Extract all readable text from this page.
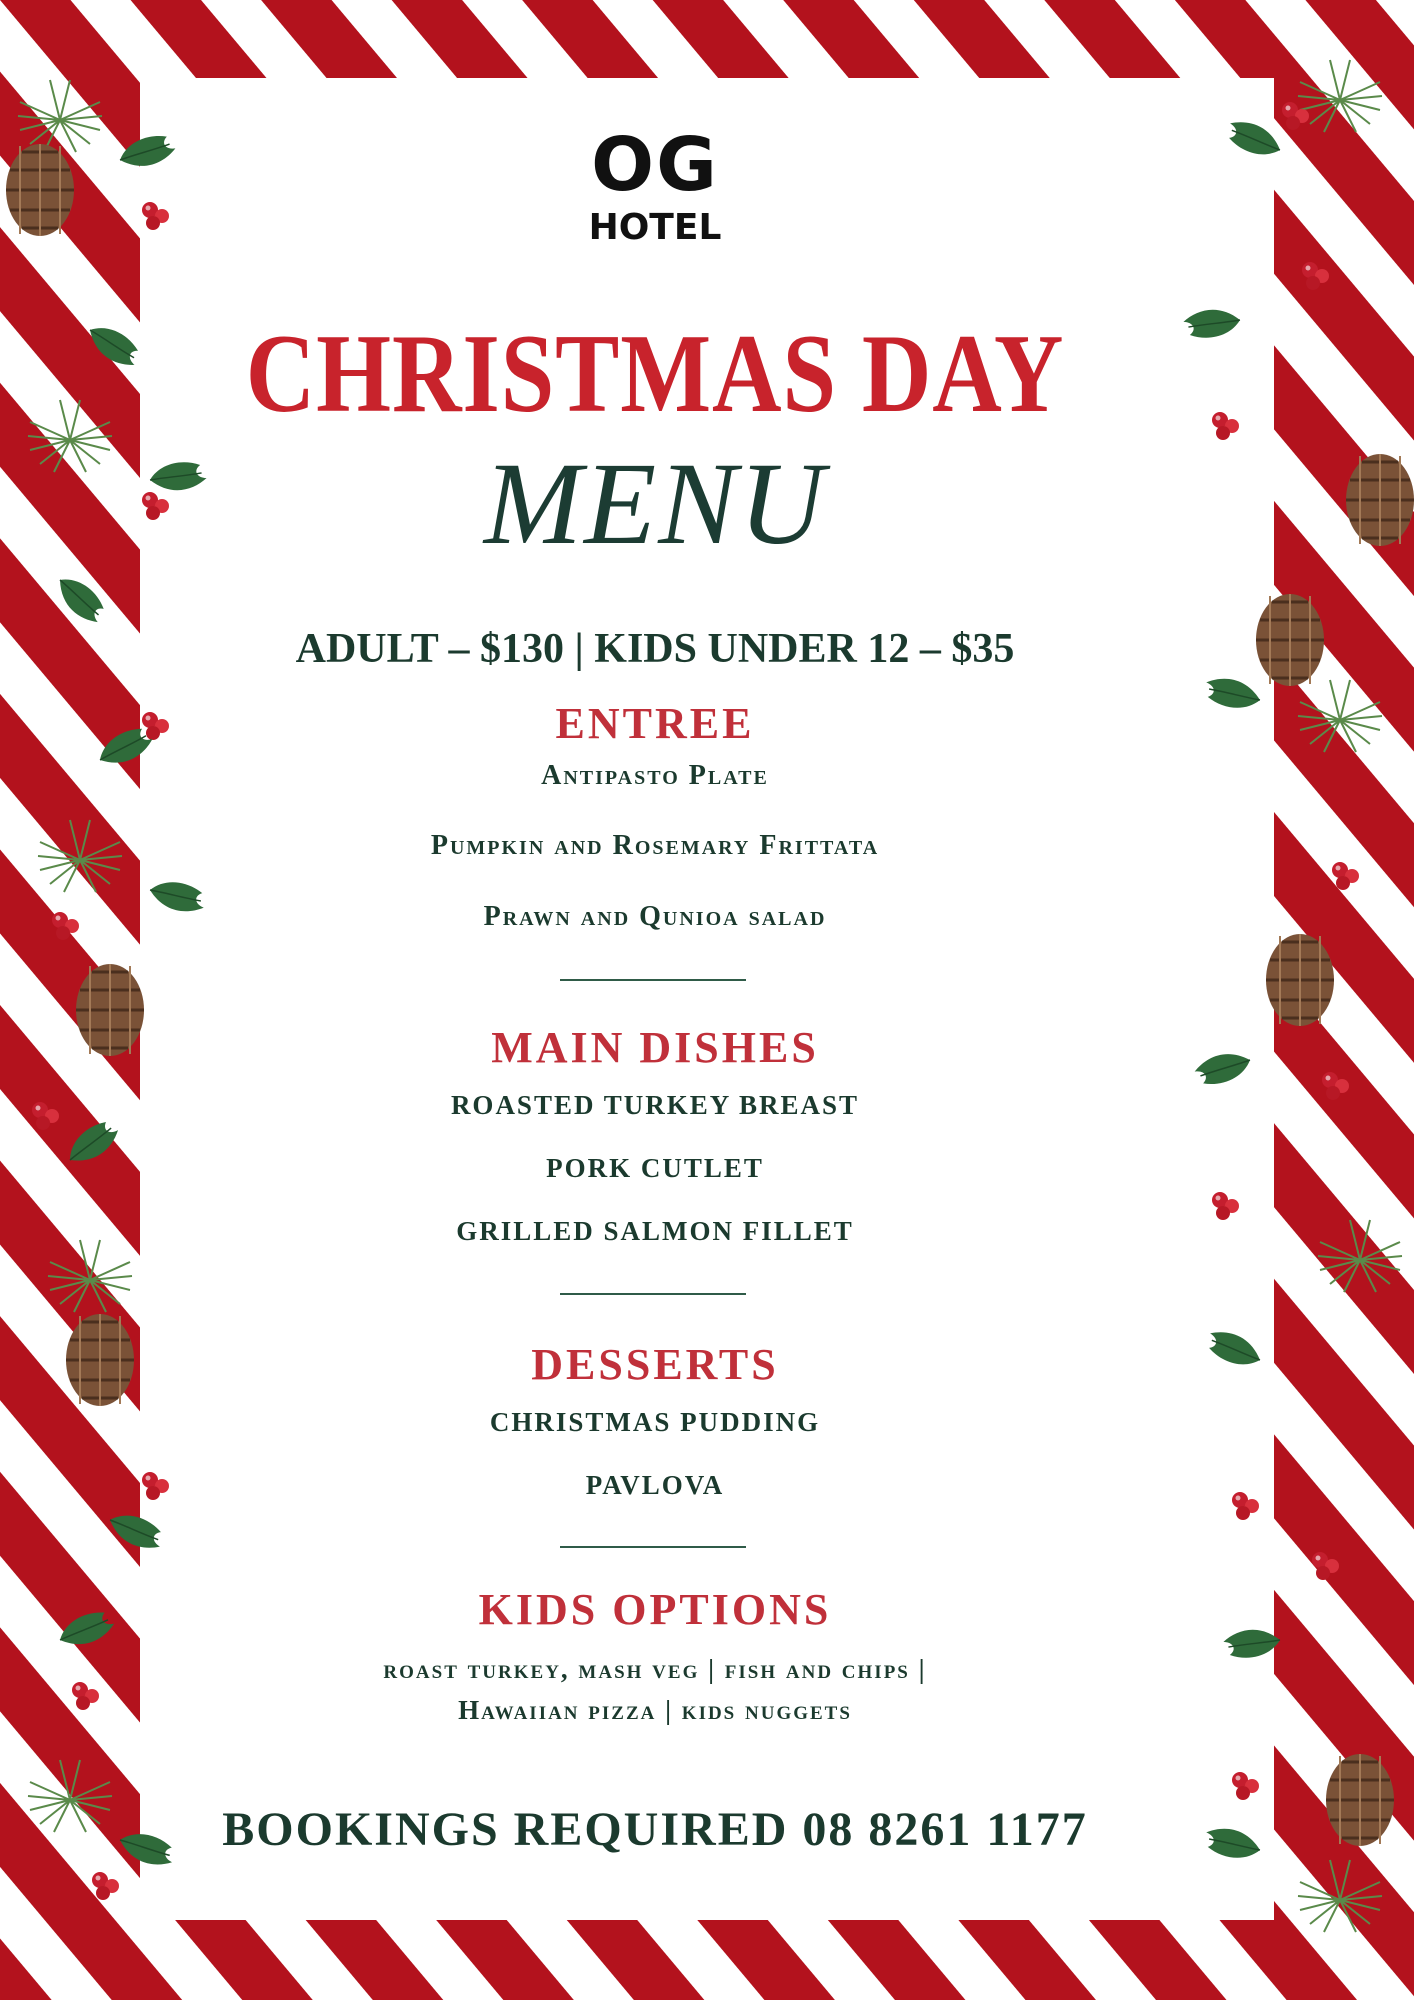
OG
HOTEL
CHRISTMAS DAY
MENU
ADULT – $130 | KIDS UNDER 12 – $35
ENTREE
Antipasto Plate
Pumpkin and Rosemary Frittata
Prawn and Qunioa salad
MAIN DISHES
ROASTED TURKEY BREAST
PORK CUTLET
GRILLED SALMON FILLET
DESSERTS
CHRISTMAS PUDDING
PAVLOVA
KIDS OPTIONS
roast turkey, mash veg | fish and chips |
Hawaiian pizza | kids nuggets
BOOKINGS REQUIRED 08 8261 1177
